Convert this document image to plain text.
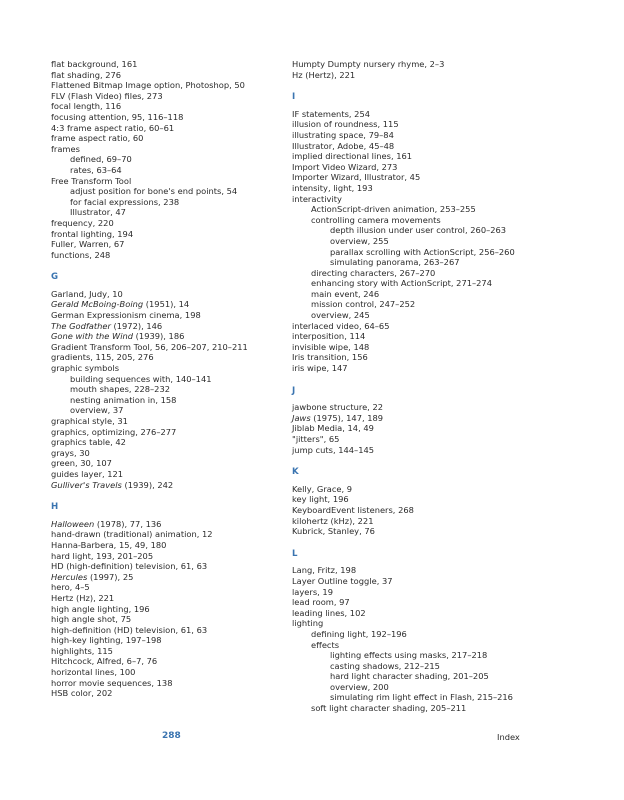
flat background, 161
flat shading, 276
Flattened Bitmap Image option, Photoshop, 50
FLV (Flash Video) files, 273
focal length, 116
focusing attention, 95, 116–118
4:3 frame aspect ratio, 60–61
frame aspect ratio, 60
frames
defined, 69–70
rates, 63–64
Free Transform Tool
adjust position for bone's end points, 54
for facial expressions, 238
Illustrator, 47
frequency, 220
frontal lighting, 194
Fuller, Warren, 67
functions, 248
G
Garland, Judy, 10
Gerald McBoing-Boing (1951), 14
German Expressionism cinema, 198
The Godfather (1972), 146
Gone with the Wind (1939), 186
Gradient Transform Tool, 56, 206–207, 210–211
gradients, 115, 205, 276
graphic symbols
building sequences with, 140–141
mouth shapes, 228–232
nesting animation in, 158
overview, 37
graphical style, 31
graphics, optimizing, 276–277
graphics table, 42
grays, 30
green, 30, 107
guides layer, 121
Gulliver's Travels (1939), 242
H
Halloween (1978), 77, 136
hand-drawn (traditional) animation, 12
Hanna-Barbera, 15, 49, 180
hard light, 193, 201–205
HD (high-definition) television, 61, 63
Hercules (1997), 25
hero, 4–5
Hertz (Hz), 221
high angle lighting, 196
high angle shot, 75
high-definition (HD) television, 61, 63
high-key lighting, 197–198
highlights, 115
Hitchcock, Alfred, 6–7, 76
horizontal lines, 100
horror movie sequences, 138
HSB color, 202
Humpty Dumpty nursery rhyme, 2–3
Hz (Hertz), 221
I
IF statements, 254
illusion of roundness, 115
illustrating space, 79–84
Illustrator, Adobe, 45–48
implied directional lines, 161
Import Video Wizard, 273
Importer Wizard, Illustrator, 45
intensity, light, 193
interactivity
ActionScript-driven animation, 253–255
controlling camera movements
depth illusion under user control, 260–263
overview, 255
parallax scrolling with ActionScript, 256–260
simulating panorama, 263–267
directing characters, 267–270
enhancing story with ActionScript, 271–274
main event, 246
mission control, 247–252
overview, 245
interlaced video, 64–65
interposition, 114
invisible wipe, 148
Iris transition, 156
iris wipe, 147
J
jawbone structure, 22
Jaws (1975), 147, 189
Jiblab Media, 14, 49
"jitters", 65
jump cuts, 144–145
K
Kelly, Grace, 9
key light, 196
KeyboardEvent listeners, 268
kilohertz (kHz), 221
Kubrick, Stanley, 76
L
Lang, Fritz, 198
Layer Outline toggle, 37
layers, 19
lead room, 97
leading lines, 102
lighting
defining light, 192–196
effects
lighting effects using masks, 217–218
casting shadows, 212–215
hard light character shading, 201–205
overview, 200
simulating rim light effect in Flash, 215–216
soft light character shading, 205–211
288	Index
